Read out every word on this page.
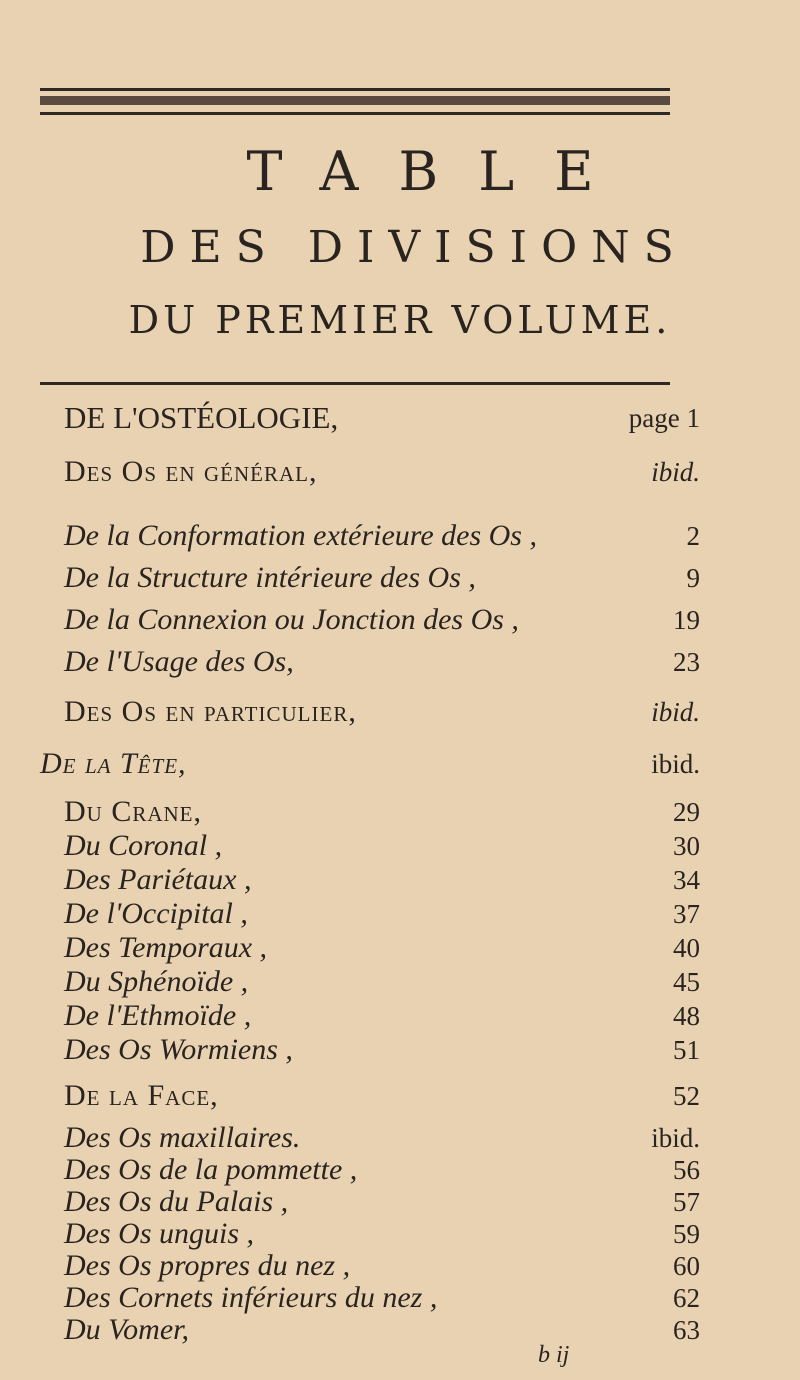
TABLE
DES DIVISIONS
DU PREMIER VOLUME.
DE L'OSTÉOLOGIE,	page 1
Des Os en général,	ibid.
De la Conformation extérieure des Os ,	2
De la Structure intérieure des Os ,	9
De la Connexion ou Jonction des Os ,	19
De l'Usage des Os,	23
Des Os en particulier,	ibid.
De la Tête,	ibid.
Du Crane,	29
Du Coronal ,	30
Des Pariétaux ,	34
De l'Occipital ,	37
Des Temporaux ,	40
Du Sphénoïde ,	45
De l'Ethmoïde ,	48
Des Os Wormiens ,	51
De la Face,	52
Des Os maxillaires.	ibid.
Des Os de la pommette ,	56
Des Os du Palais ,	57
Des Os unguis ,	59
Des Os propres du nez ,	60
Des Cornets inférieurs du nez ,	62
Du Vomer,	63
b ij
